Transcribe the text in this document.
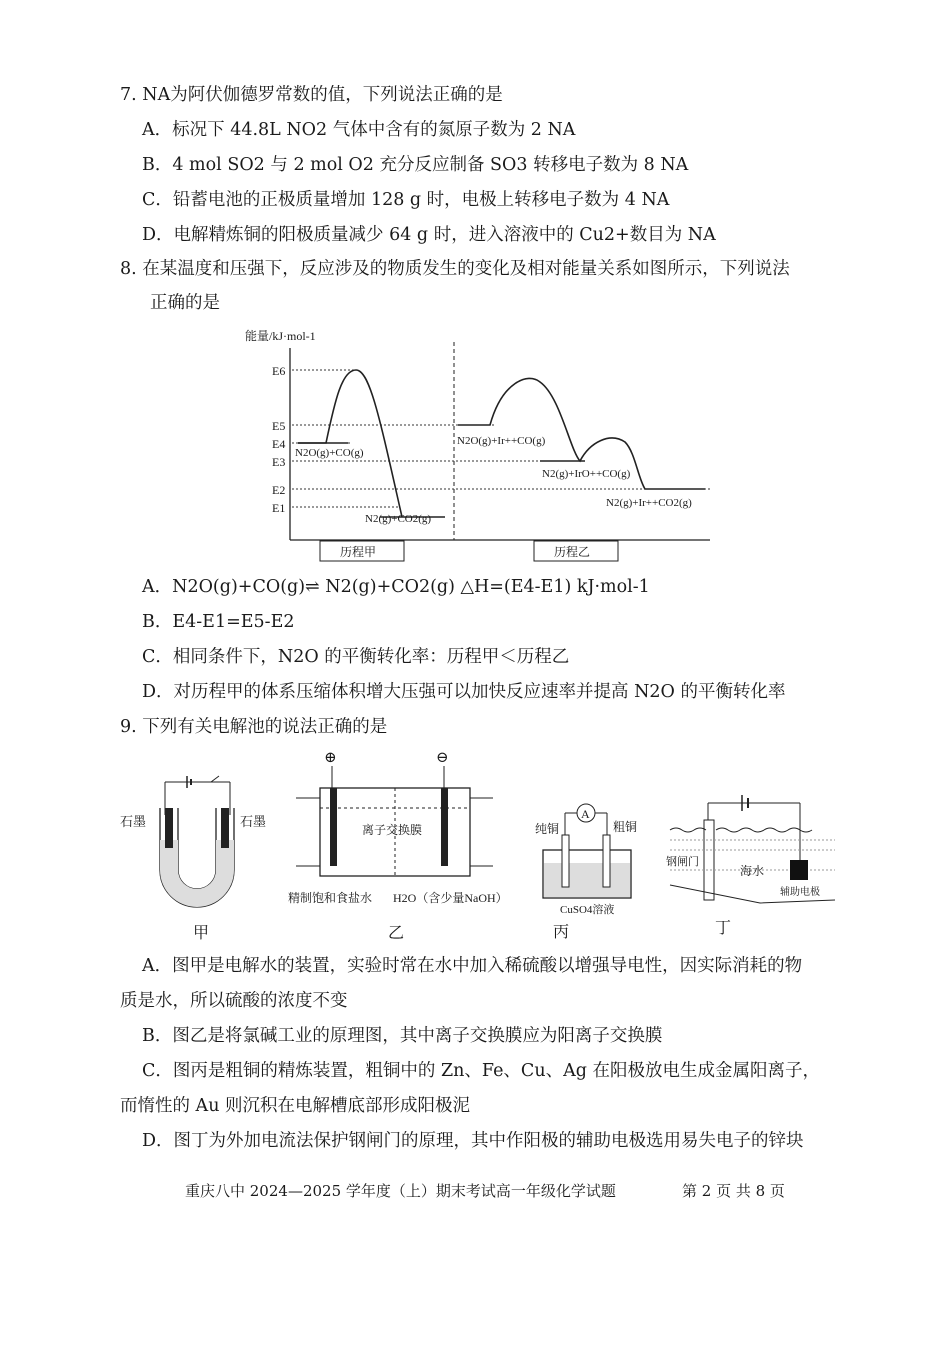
7. NA为阿伏伽德罗常数的值，下列说法正确的是
A．标况下 44.8L NO2 气体中含有的氮原子数为 2 NA
B．4 mol SO2 与 2 mol O2 充分反应制备 SO3 转移电子数为 8 NA
C．铅蓄电池的正极质量增加 128 g 时，电极上转移电子数为 4 NA
D．电解精炼铜的阳极质量减少 64 g 时，进入溶液中的 Cu2+数目为 NA
8. 在某温度和压强下，反应涉及的物质发生的变化及相对能量关系如图所示，下列说法
正确的是
能量/kJ·mol-1
E6
E5
E4
E3
E2
E1
N2O(g)+CO(g)
N2(g)+CO2(g)
N2O(g)+Ir++CO(g)
N2(g)+IrO++CO(g)
N2(g)+Ir++CO2(g)
历程甲	历程乙
A．N2O(g)+CO(g)⇌ N2(g)+CO2(g) △H=(E4-E1) kJ·mol-1
B．E4-E1=E5-E2
C．相同条件下，N2O 的平衡转化率：历程甲＜历程乙
D．对历程甲的体系压缩体积增大压强可以加快反应速率并提高 N2O 的平衡转化率
9. 下列有关电解池的说法正确的是
石墨	石墨
甲
⊕	⊖
离子交换膜
精制饱和食盐水 H2O（含少量NaOH）
乙
A
纯铜	粗铜
CuSO4溶液
丙
钢闸门
海水
辅助电极
丁
A．图甲是电解水的装置，实验时常在水中加入稀硫酸以增强导电性，因实际消耗的物
质是水，所以硫酸的浓度不变
B．图乙是将氯碱工业的原理图，其中离子交换膜应为阳离子交换膜
C．图丙是粗铜的精炼装置，粗铜中的 Zn、Fe、Cu、Ag 在阳极放电生成金属阳离子，
而惰性的 Au 则沉积在电解槽底部形成阳极泥
D．图丁为外加电流法保护钢闸门的原理，其中作阳极的辅助电极选用易失电子的锌块
重庆八中 2024—2025 学年度（上）期末考试高一年级化学试题	第 2 页 共 8 页
